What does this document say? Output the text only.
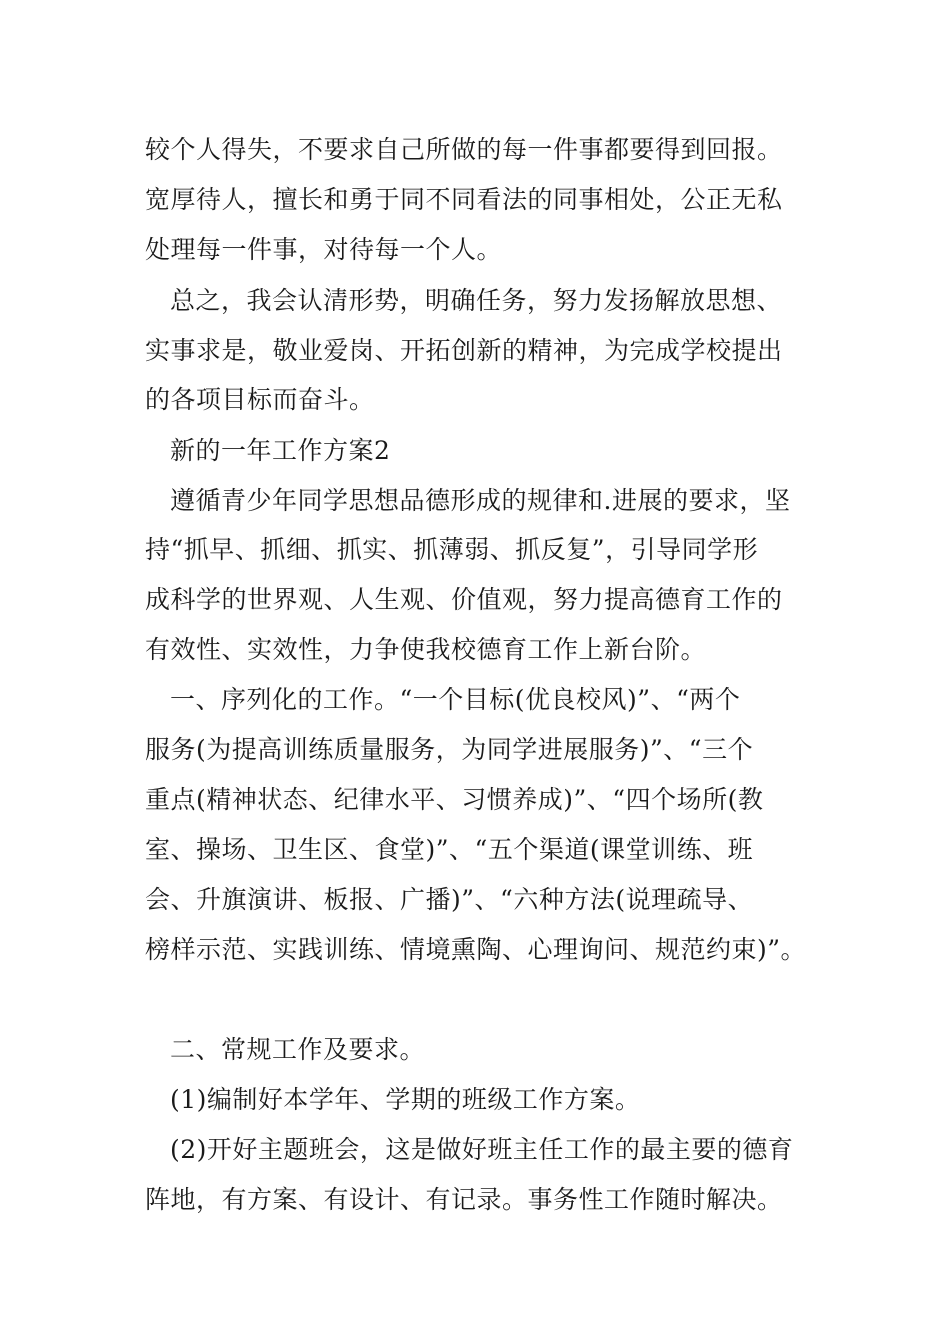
较个人得失，不要求自己所做的每一件事都要得到回报。
宽厚待人，擅长和勇于同不同看法的同事相处，公正无私
处理每一件事，对待每一个人。
总之，我会认清形势，明确任务，努力发扬解放思想、
实事求是，敬业爱岗、开拓创新的精神，为完成学校提出
的各项目标而奋斗。
新的一年工作方案2
遵循青少年同学思想品德形成的规律和.进展的要求，坚
持“抓早、抓细、抓实、抓薄弱、抓反复”，引导同学形
成科学的世界观、人生观、价值观，努力提高德育工作的
有效性、实效性，力争使我校德育工作上新台阶。
一、序列化的工作。“一个目标(优良校风)”、“两个
服务(为提高训练质量服务，为同学进展服务)”、“三个
重点(精神状态、纪律水平、习惯养成)”、“四个场所(教
室、操场、卫生区、食堂)”、“五个渠道(课堂训练、班
会、升旗演讲、板报、广播)”、“六种方法(说理疏导、
榜样示范、实践训练、情境熏陶、心理询问、规范约束)”。
二、常规工作及要求。
(1)编制好本学年、学期的班级工作方案。
(2)开好主题班会，这是做好班主任工作的最主要的德育
阵地，有方案、有设计、有记录。事务性工作随时解决。
